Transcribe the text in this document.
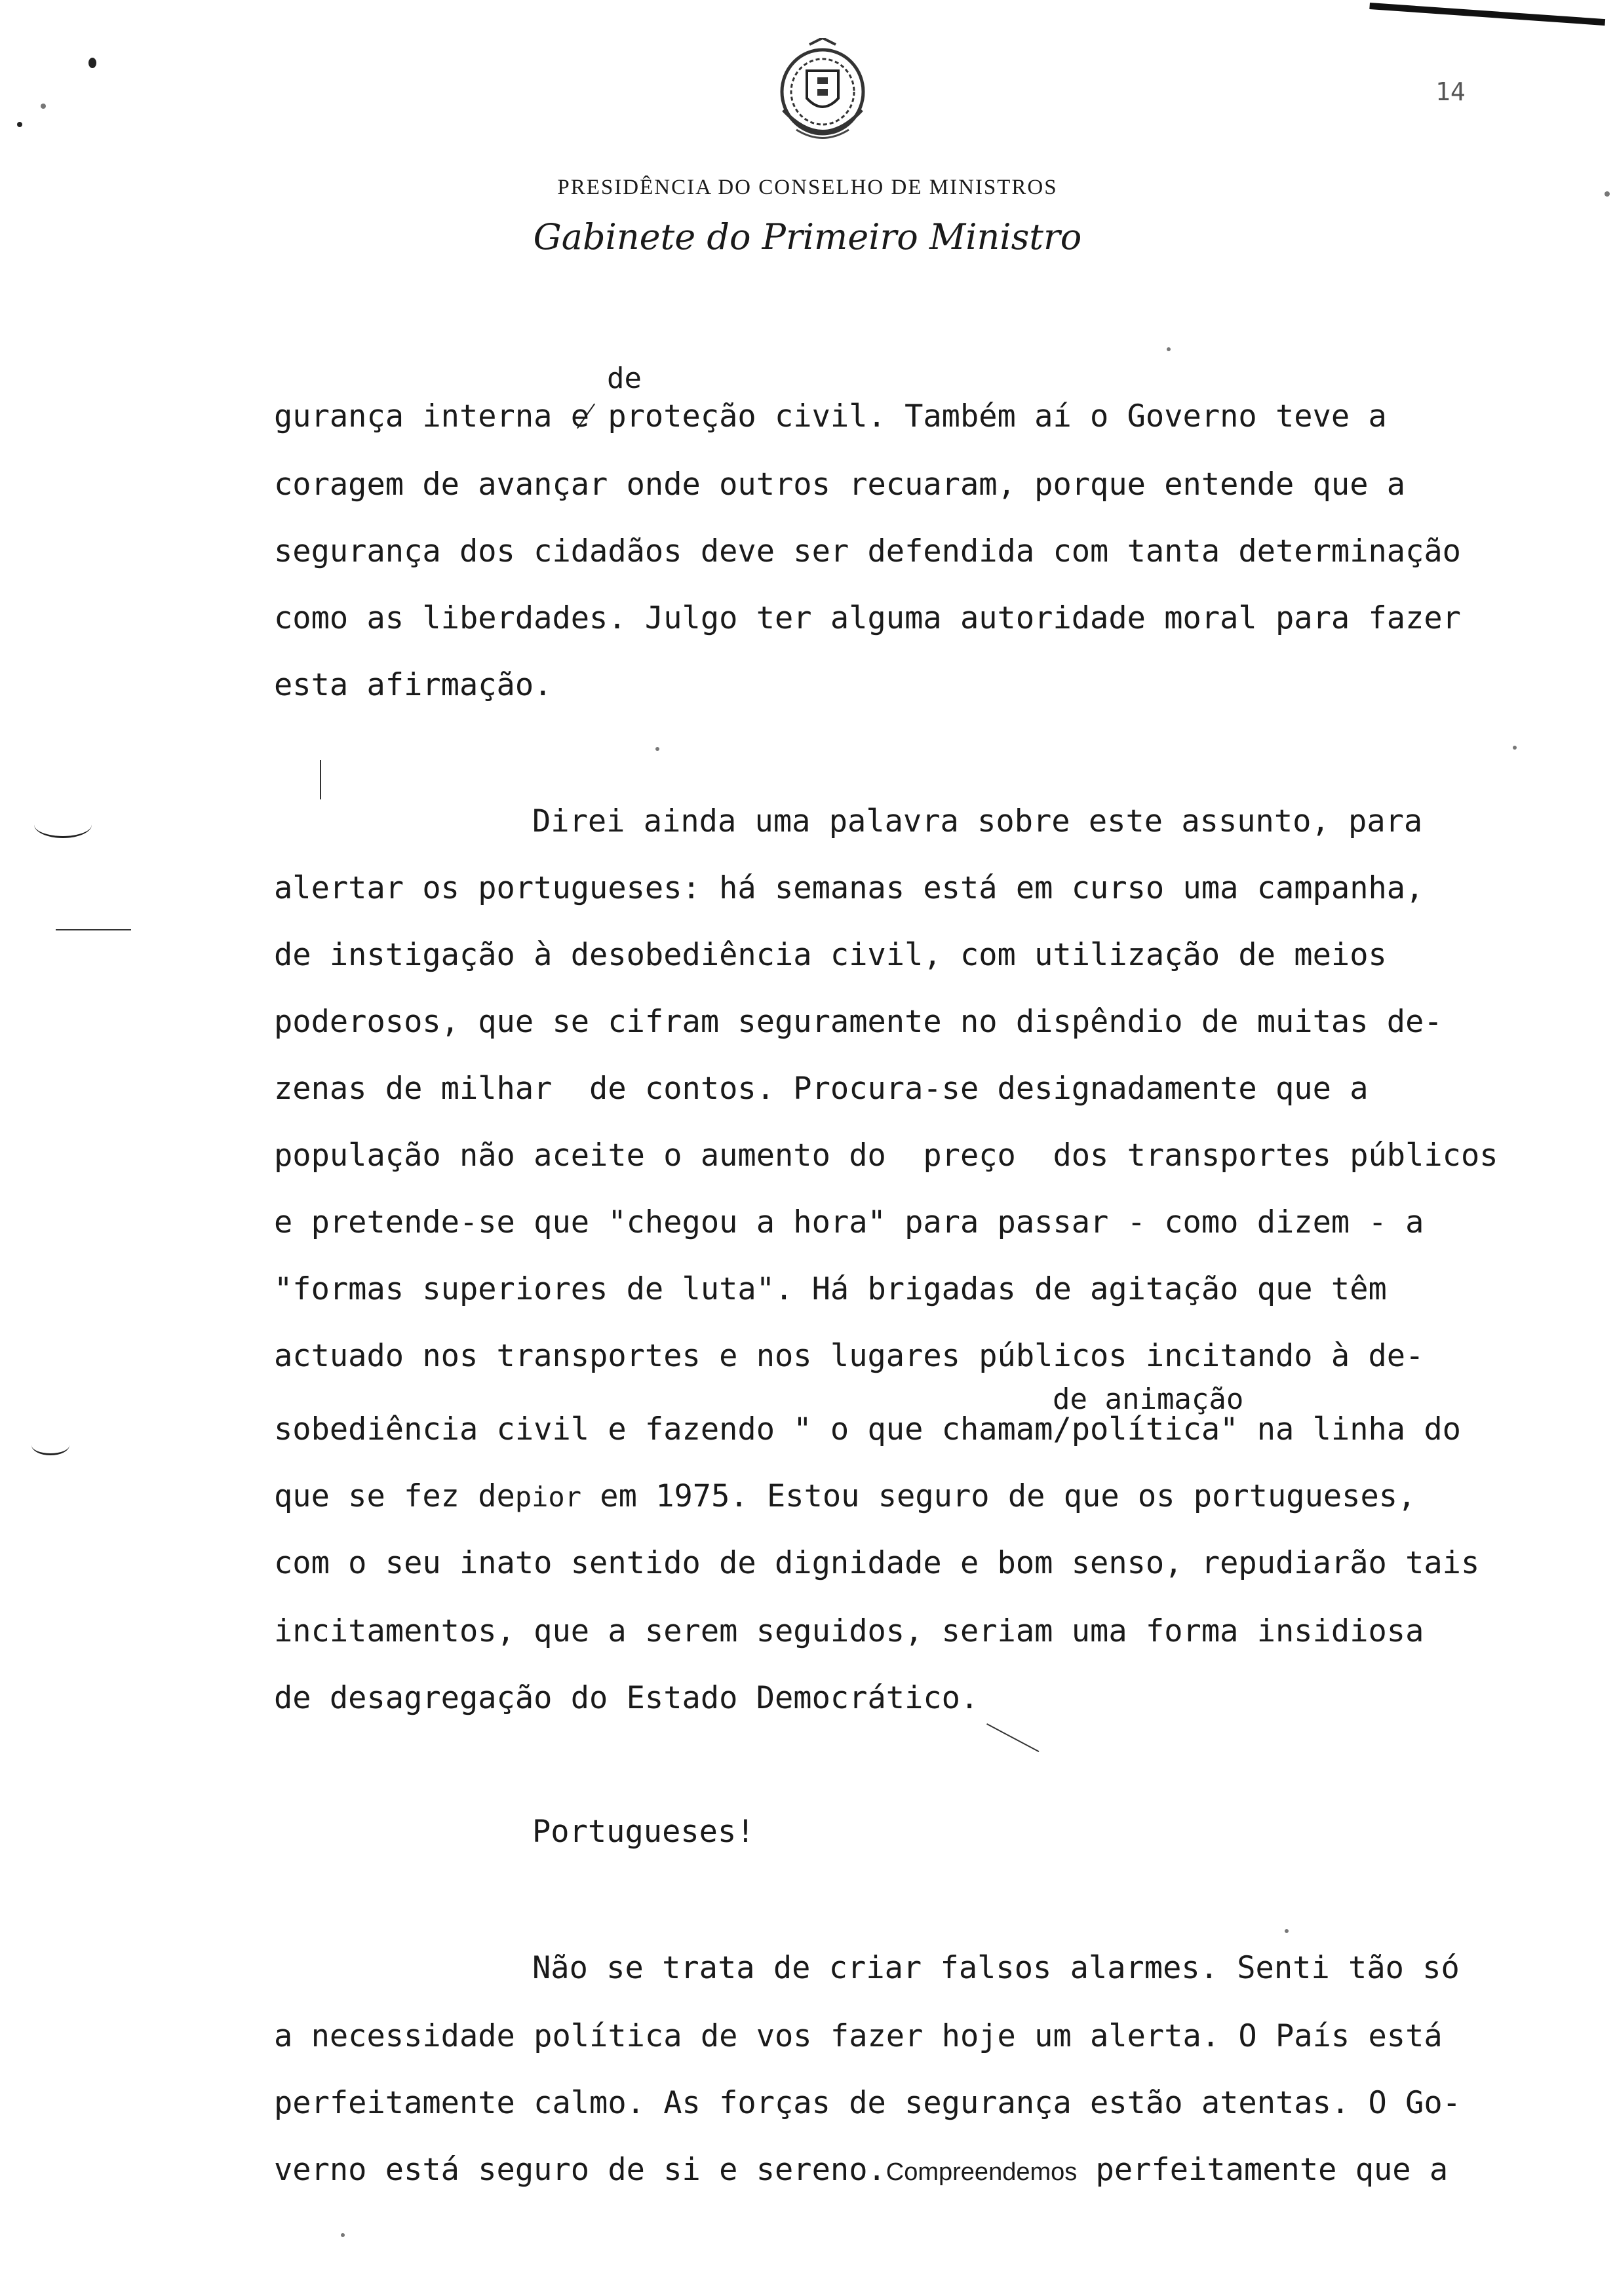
14
PRESIDÊNCIA DO CONSELHO DE MINISTROS
Gabinete do Primeiro Ministro
de
gurança interna e proteção civil. Também aí o Governo teve a
coragem de avançar onde outros recuaram, porque entende que a
segurança dos cidadãos deve ser defendida com tanta determinação
como as liberdades. Julgo ter alguma autoridade moral para fazer
esta afirmação.
Direi ainda uma palavra sobre este assunto, para
alertar os portugueses: há semanas está em curso uma campanha,
de instigação à desobediência civil, com utilização de meios
poderosos, que se cifram seguramente no dispêndio de muitas de-
zenas de milhar  de contos. Procura-se designadamente que a
população não aceite o aumento do  preço  dos transportes públicos
e pretende-se que "chegou a hora" para passar - como dizem - a
"formas superiores de luta". Há brigadas de agitação que têm
actuado nos transportes e nos lugares públicos incitando à de-
de animação
sobediência civil e fazendo " o que chamam/política" na linha do
que se fez depior em 1975. Estou seguro de que os portugueses,
com o seu inato sentido de dignidade e bom senso, repudiarão tais
incitamentos, que a serem seguidos, seriam uma forma insidiosa
de desagregação do Estado Democrático.
Portugueses!
Não se trata de criar falsos alarmes. Senti tão só
a necessidade política de vos fazer hoje um alerta. O País está
perfeitamente calmo. As forças de segurança estão atentas. O Go-
verno está seguro de si e sereno.Compreendemos perfeitamente que a
